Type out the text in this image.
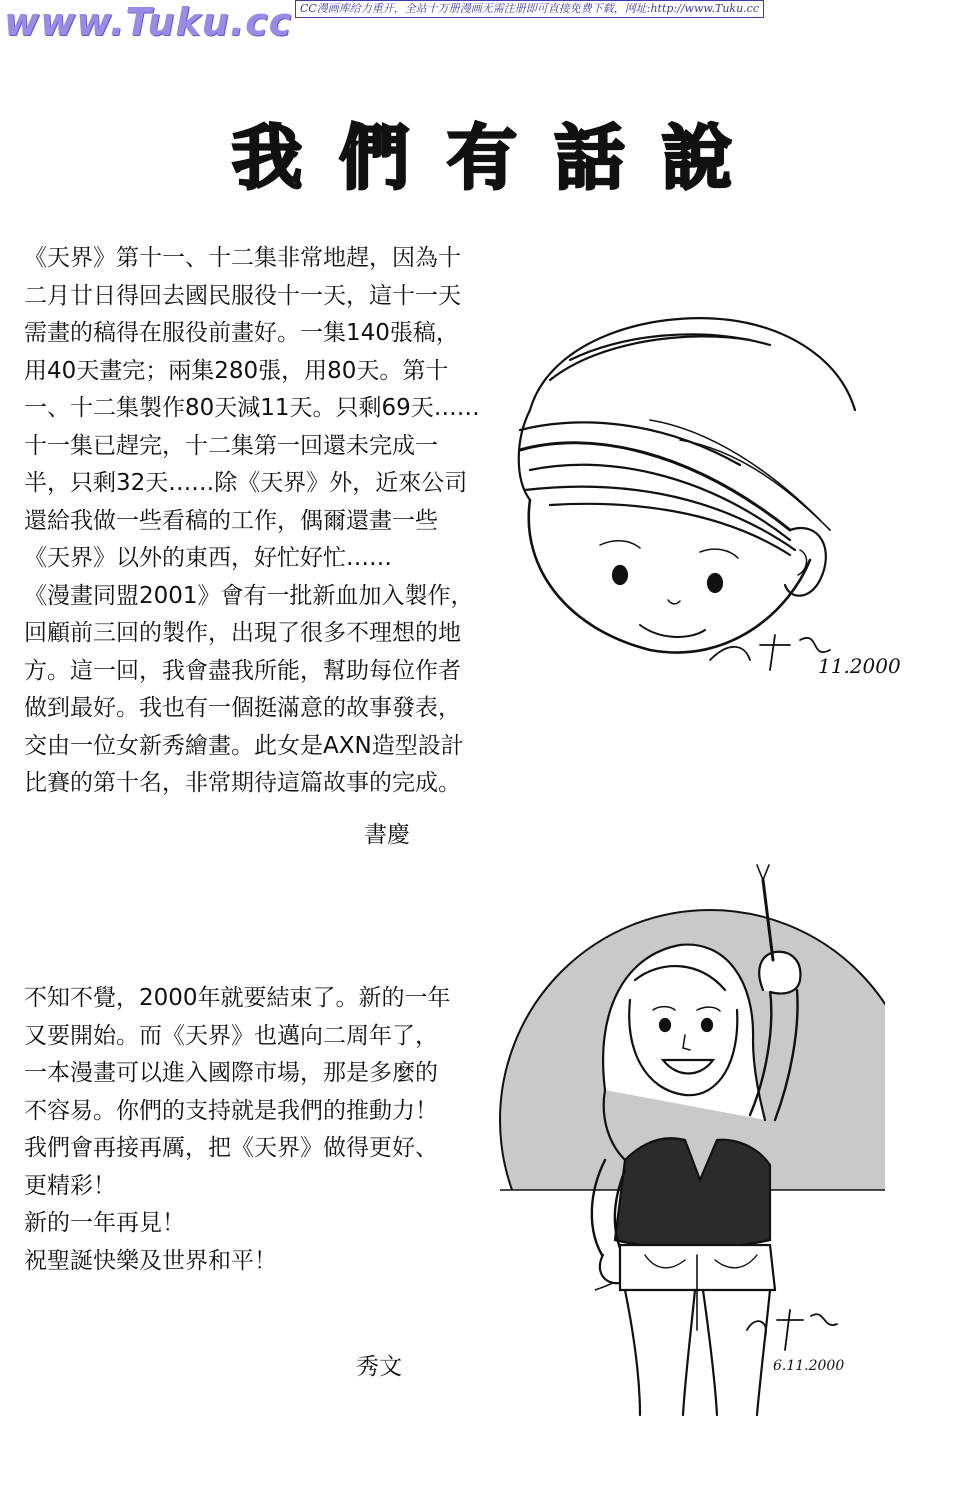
www.Tuku.cc CC漫画库给力重开，全站十万册漫画无需注册即可直接免费下载，网址:http://www.Tuku.cc
我 們 有 話 說
《天界》第十一、十二集非常地趕，因為十
二月廿日得回去國民服役十一天，這十一天
需畫的稿得在服役前畫好。一集140張稿，
用40天畫完；兩集280張，用80天。第十
一、十二集製作80天減11天。只剩69天……
十一集已趕完，十二集第一回還未完成一
半，只剩32天……除《天界》外，近來公司
還給我做一些看稿的工作，偶爾還畫一些
《天界》以外的東西，好忙好忙……
《漫畫同盟2001》會有一批新血加入製作，
回顧前三回的製作，出現了很多不理想的地
方。這一回，我會盡我所能，幫助每位作者
做到最好。我也有一個挺滿意的故事發表，
交由一位女新秀繪畫。此女是AXN造型設計
比賽的第十名，非常期待這篇故事的完成。
書慶
11.2000
不知不覺，2000年就要結束了。新的一年
又要開始。而《天界》也邁向二周年了，
一本漫畫可以進入國際市場，那是多麼的
不容易。你們的支持就是我們的推動力！
我們會再接再厲，把《天界》做得更好、
更精彩！
新的一年再見！
祝聖誕快樂及世界和平！
秀文	6.11.2000
